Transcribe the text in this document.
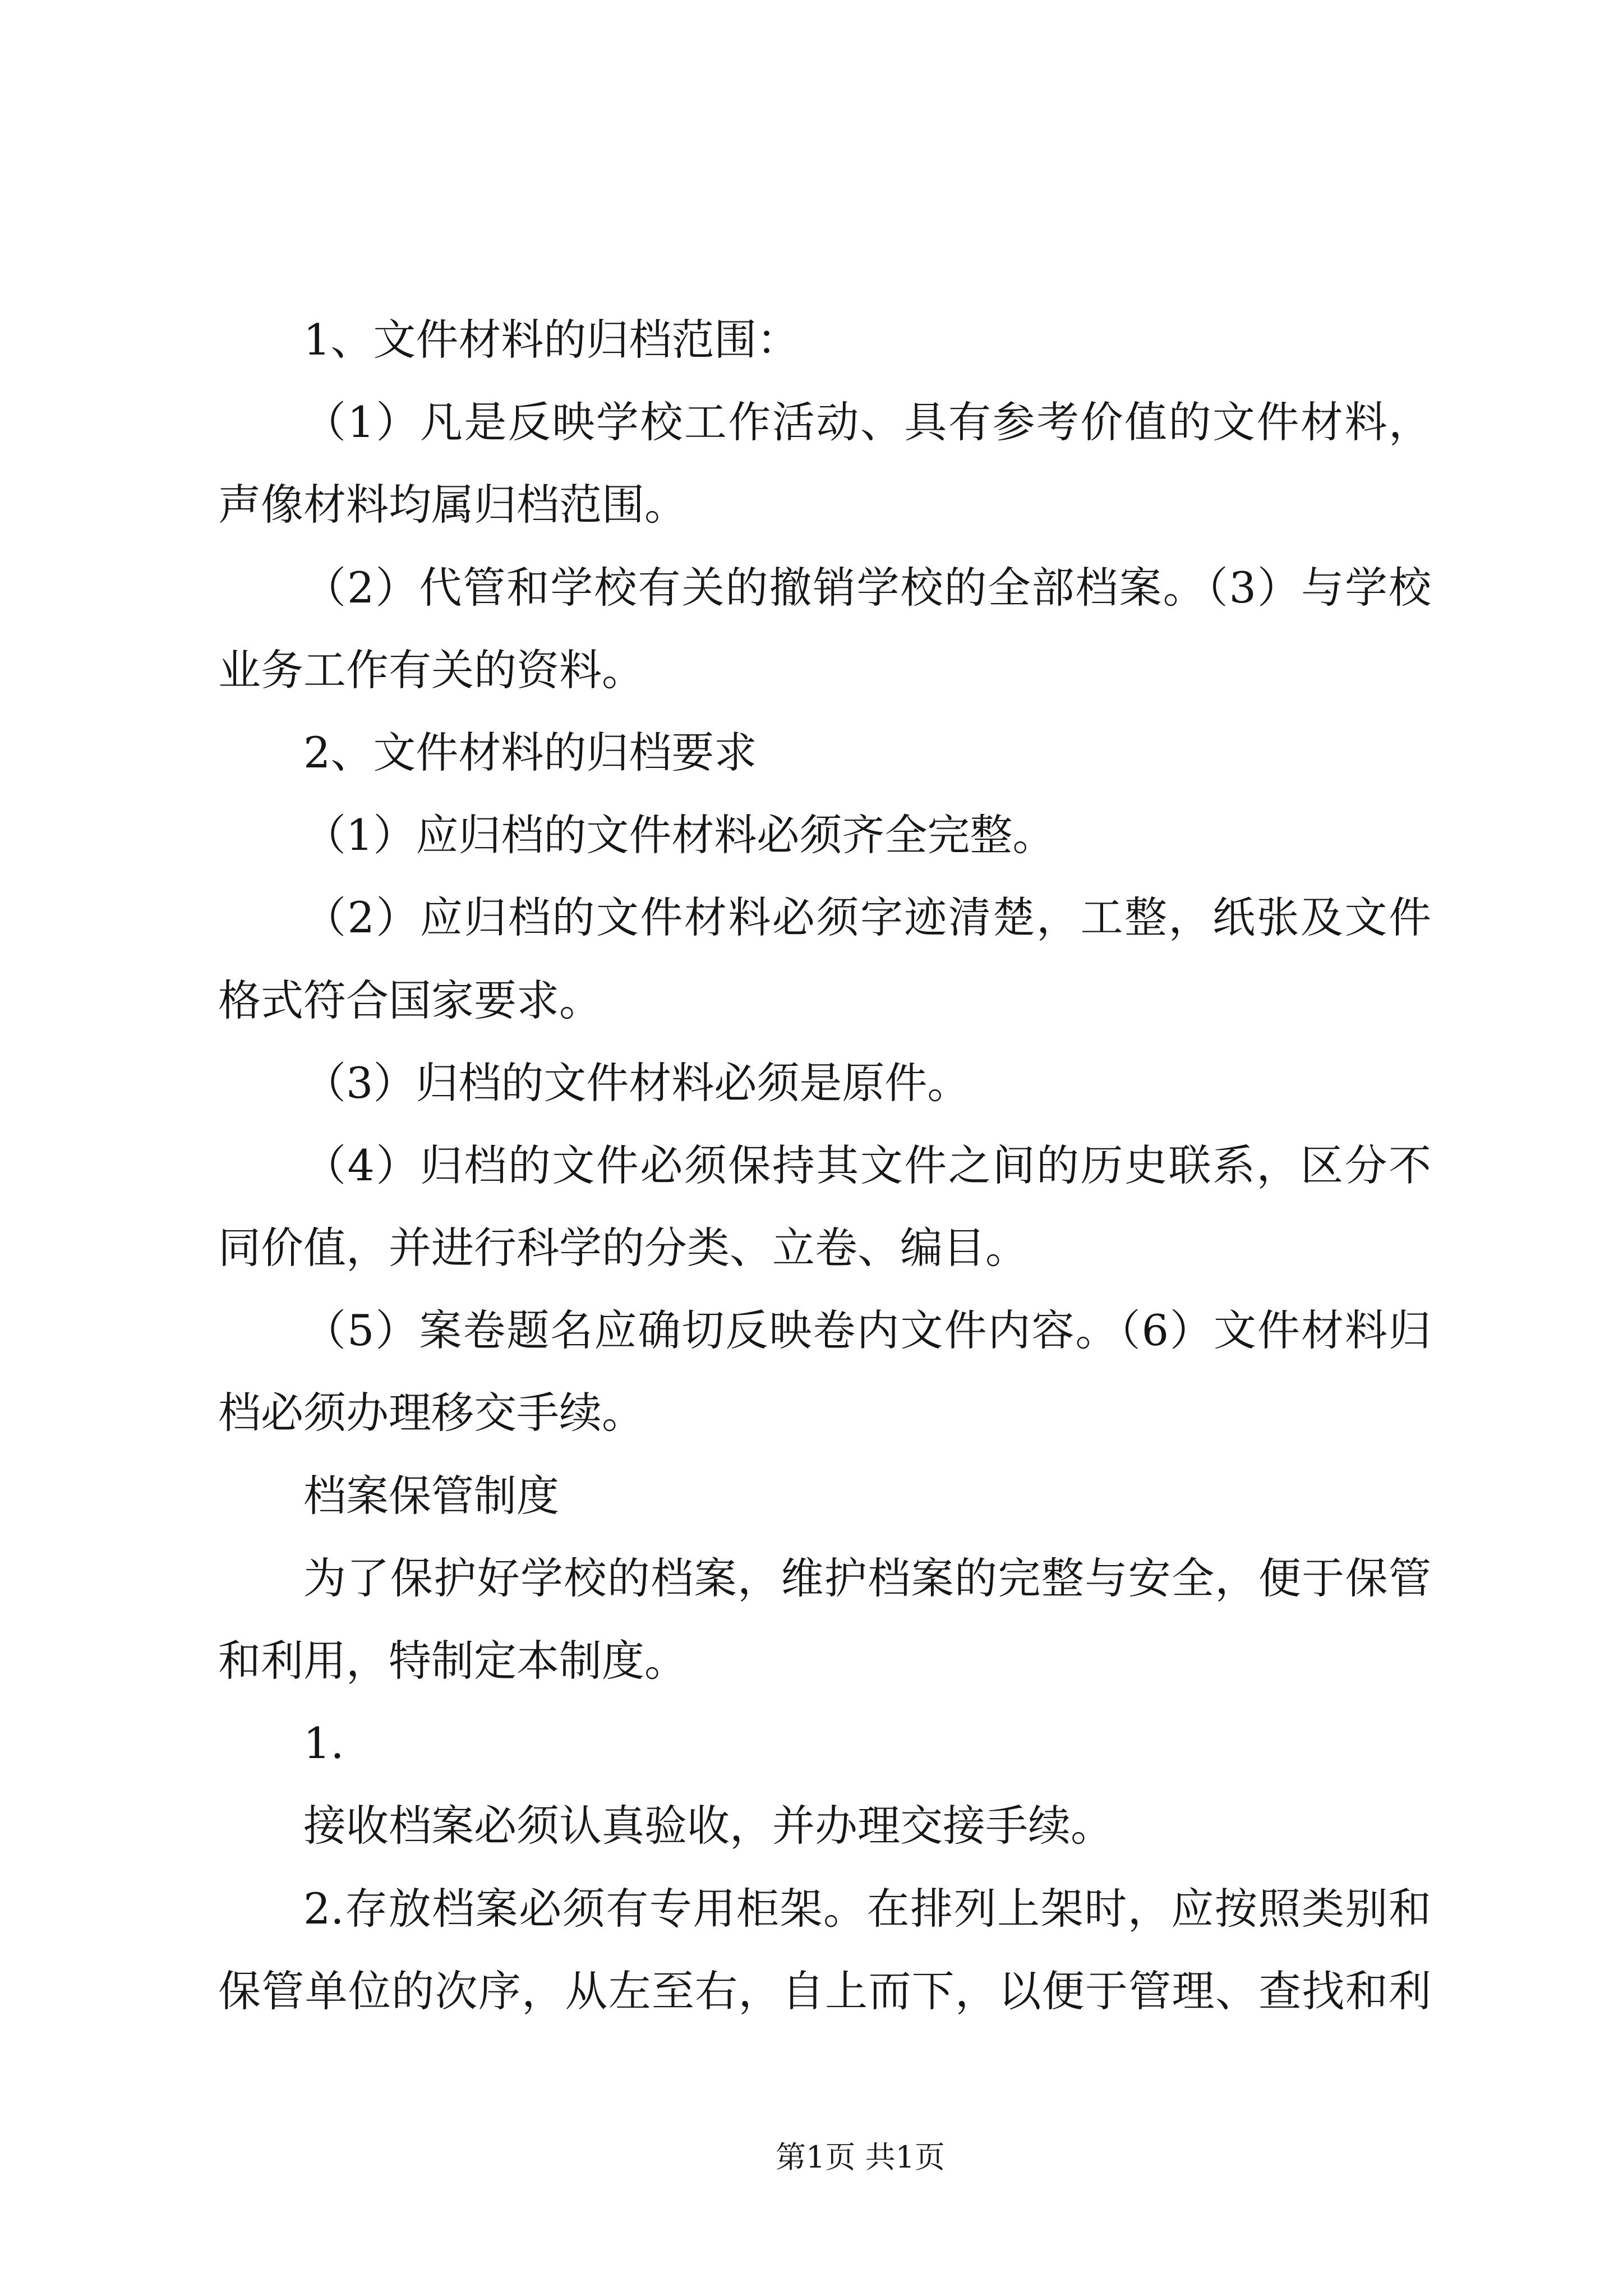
1、文件材料的归档范围：
（1）凡是反映学校工作活动、具有参考价值的文件材料，
声像材料均属归档范围。
（2）代管和学校有关的撤销学校的全部档案。（3）与学校
业务工作有关的资料。
2、文件材料的归档要求
（1）应归档的文件材料必须齐全完整。
（2）应归档的文件材料必须字迹清楚，工整，纸张及文件
格式符合国家要求。
（3）归档的文件材料必须是原件。
（4）归档的文件必须保持其文件之间的历史联系，区分不
同价值，并进行科学的分类、立卷、编目。
（5）案卷题名应确切反映卷内文件内容。（6）文件材料归
档必须办理移交手续。
档案保管制度
为了保护好学校的档案，维护档案的完整与安全，便于保管
和利用，特制定本制度。
1.
接收档案必须认真验收，并办理交接手续。
2.存放档案必须有专用柜架。在排列上架时，应按照类别和
保管单位的次序，从左至右，自上而下，以便于管理、查找和利
第1页 共1页
